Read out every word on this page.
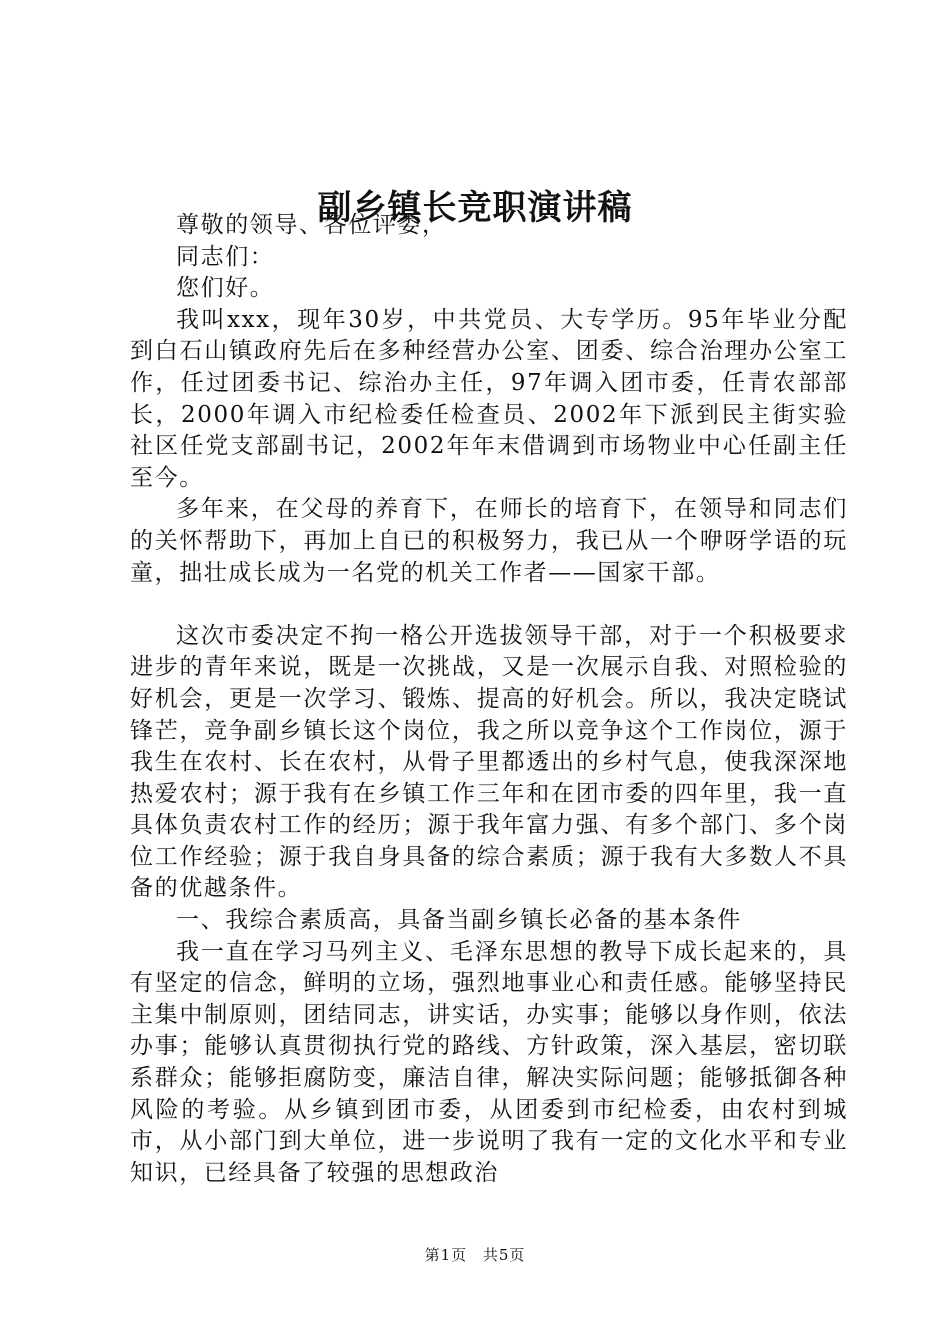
副乡镇长竞职演讲稿

尊敬的领导、各位评委，

同志们：

您们好。

我叫xxx，现年30岁，中共党员、大专学历。95年毕业分配到白石山镇政府先后在多种经营办公室、团委、综合治理办公室工作，任过团委书记、综治办主任，97年调入团市委，任青农部部长，2000年调入市纪检委任检查员、2002年下派到民主街实验社区任党支部副书记，2002年年末借调到市场物业中心任副主任至今。

多年来，在父母的养育下，在师长的培育下，在领导和同志们的关怀帮助下，再加上自已的积极努力，我已从一个咿呀学语的玩童，拙壮成长成为一名党的机关工作者——国家干部。

这次市委决定不拘一格公开选拔领导干部，对于一个积极要求进步的青年来说，既是一次挑战，又是一次展示自我、对照检验的好机会，更是一次学习、锻炼、提高的好机会。所以，我决定晓试锋芒，竞争副乡镇长这个岗位，我之所以竞争这个工作岗位，源于我生在农村、长在农村，从骨子里都透出的乡村气息，使我深深地热爱农村；源于我有在乡镇工作三年和在团市委的四年里，我一直具体负责农村工作的经历；源于我年富力强、有多个部门、多个岗位工作经验；源于我自身具备的综合素质；源于我有大多数人不具备的优越条件。

一、我综合素质高，具备当副乡镇长必备的基本条件

我一直在学习马列主义、毛泽东思想的教导下成长起来的，具有坚定的信念，鲜明的立场，强烈地事业心和责任感。能够坚持民主集中制原则，团结同志，讲实话，办实事；能够以身作则，依法办事；能够认真贯彻执行党的路线、方针政策，深入基层，密切联系群众；能够拒腐防变，廉洁自律，解决实际问题；能够抵御各种风险的考验。从乡镇到团市委，从团委到市纪检委，由农村到城市，从小部门到大单位，进一步说明了我有一定的文化水平和专业知识，已经具备了较强的思想政治

第1页 共5页
